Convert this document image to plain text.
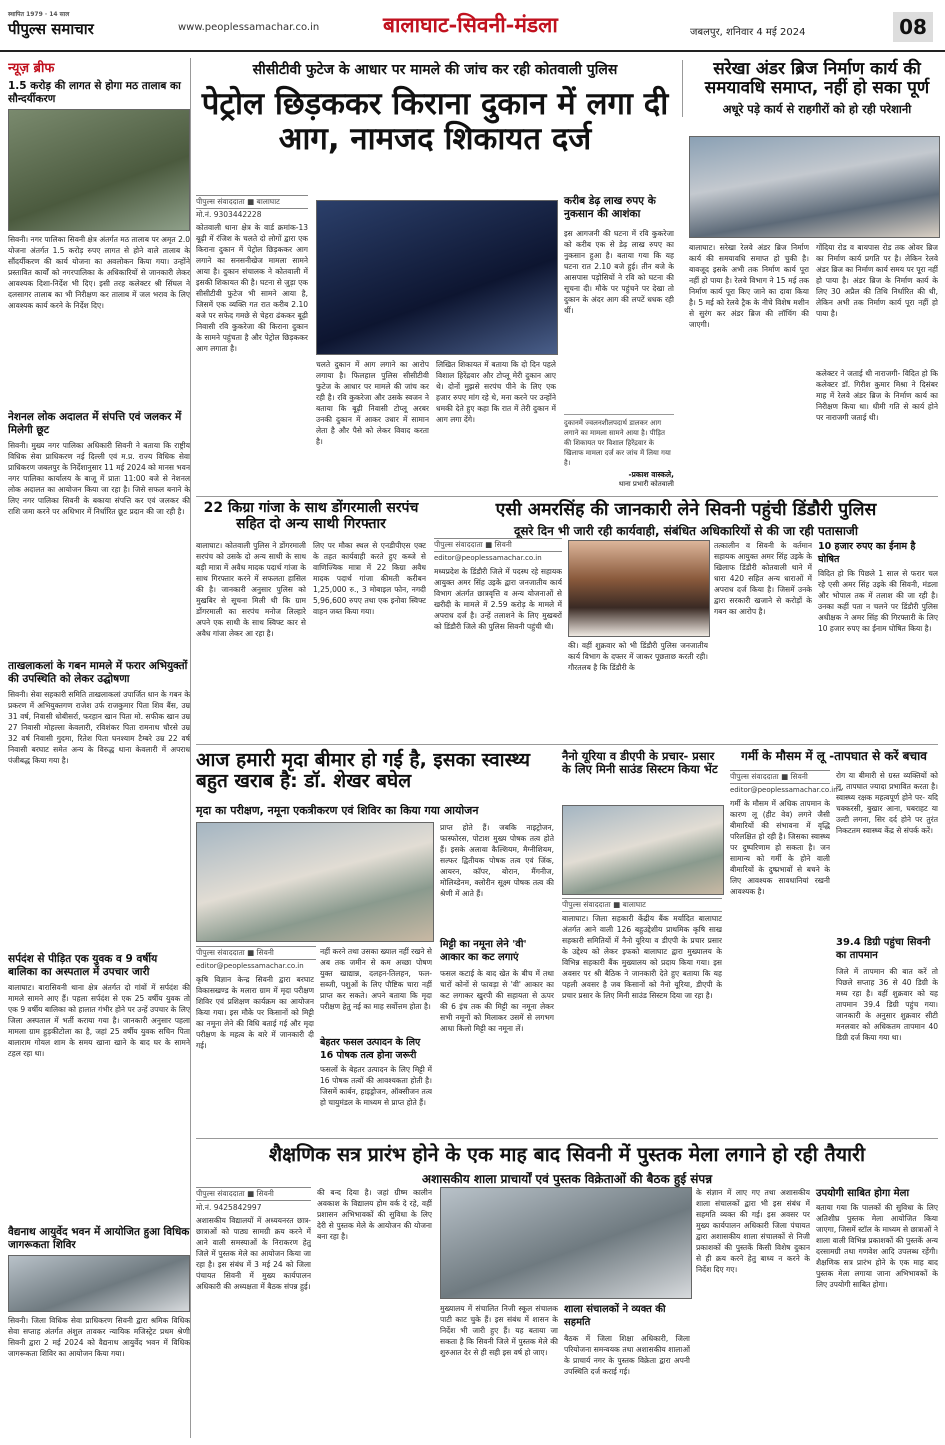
स्थापित 1979 · 14 साल
पीपुल्स समाचार	www.peoplessamachar.co.in	बालाघाट-सिवनी-मंडला	जबलपुर, शनिवार 4 मई 2024	08
न्यूज़ ब्रीफ
1.5 करोड़ की लागत से होगा मठ तालाब का सौन्दर्यीकरण
सिवनी। नगर पालिका सिवनी क्षेत्र अंतर्गत मठ तालाब पर अमृत 2.0 योजना अंतर्गत 1.5 करोड़ रुपए लागत से होने वाले तालाब के सौंदर्यीकरण की कार्य योजना का अवलोकन किया गया। उन्होंने प्रस्तावित कार्यों को नगरपालिका के अधिकारियों से जानकारी लेकर आवश्यक दिशा-निर्देश भी दिए। इसी तरह कलेक्टर श्री सिंघल ने दलसागर तालाब का भी निरीक्षण कर तालाब में जल भराव के लिए आवश्यक कार्य करने के निर्देश दिए।
नेशनल लोक अदालत में संपत्ति एवं जलकर में मिलेगी छूट
सिवनी। मुख्य नगर पालिका अधिकारी सिवनी ने बताया कि राष्ट्रीय विधिक सेवा प्राधिकरण नई दिल्ली एवं म.प्र. राज्य विधिक सेवा प्राधिकरण जबलपुर के निर्देशानुसार 11 मई 2024 को मानस भवन नगर पालिका कार्यालय के बाजू में प्रातः 11:00 बजे से नेशनल लोक अदालत का आयोजन किया जा रहा है। जिसे सफल बनाने के लिए नगर पालिका सिवनी के बकाया संपत्ति कर एवं जलकर की राशि जमा करने पर अधिभार में निर्धारित छूट प्रदान की जा रही है।
ताखलाकलां के गबन मामले में फरार अभियुक्तों की उपस्थिति को लेकर उद्घोषणा
सिवनी। सेवा सहकारी समिति ताखलाकलां उपार्जित धान के गबन के प्रकरण में अभियुक्तगण राजेश उर्फ राजकुमार पिता शिव बैंस, उम्र 31 वर्ष, निवासी धोबीसर्रा, फरहान खान पिता मो. सफीक खान उम्र 27 निवासी मोहल्ला केवलारी, रविशंकर पिता रामनाथ चौरसे उम्र 32 वर्ष निवासी गुदमा, रितेश पिता घनश्याम टैम्बरे उम्र 22 वर्ष निवासी बरघाट समेत अन्य के विरुद्ध थाना केवलारी में अपराध पंजीबद्ध किया गया है।
सर्पदंश से पीड़ित एक युवक व 9 वर्षीय बालिका का अस्पताल में उपचार जारी
बालाघाट। बारासिवनी थाना क्षेत्र अंतर्गत दो गांवों में सर्पदंश की मामले सामने आए हैं। पहला सर्पदंश से एक 25 वर्षीय युवक तो एक 9 वर्षीय बालिका को हालात गंभीर होने पर उन्हें उपचार के लिए जिला अस्पताल में भर्ती कराया गया है। जानकारी अनुसार पहला मामला ग्राम हुड़कीटोला का है, जहां 25 वर्षीय युवक सचिन पिता बालाराम गोयल शाम के समय खाना खाने के बाद घर के सामने टहल रहा था।
वैद्यनाथ आयुर्वेद भवन में आयोजित हुआ विधिक जागरूकता शिविर
सिवनी। जिला विधिक सेवा प्राधिकरण सिवनी द्वारा श्रमिक विधिक सेवा सप्ताह अंतर्गत अंशुल तावकर न्यायिक मजिस्ट्रेट प्रथम श्रेणी सिवनी द्वारा 2 मई 2024 को वैद्यनाथ आयुर्वेद भवन में विधिक जागरूकता शिविर का आयोजन किया गया।
सीसीटीवी फुटेज के आधार पर मामले की जांच कर रही कोतवाली पुलिस
पेट्रोल छिड़ककर किराना दुकान में लगा दी आग, नामजद शिकायत दर्ज
पीपुल्स संवाददाता ■ बालाघाट
मो.नं. 9303442228
कोतवाली थाना क्षेत्र के वार्ड क्रमांक-13 बूढ़ी में रंजिश के चलते दो लोगों द्वारा एक किराना दुकान में पेट्रोल छिड़ककर आग लगाने का सनसनीखेज मामला सामने आया है। दुकान संचालक ने कोतवाली में इसकी शिकायत की है। घटना से जुड़ा एक सीसीटीवी फुटेज भी सामने आया है, जिसमें एक व्यक्ति गत रात करीब 2.10 बजे पर सफेद गमछे से चेहरा ढंककर बूढ़ी निवासी रवि कुकरेजा की किराना दुकान के सामने पहुंचता है और पेट्रोल छिड़ककर आग लगाता है।
चलते दुकान में आग लगाने का आरोप लगाया है। फिलहाल पुलिस सीसीटीवी फुटेज के आधार पर मामले की जांच कर रही है। रवि कुकरेजा और उसके स्वजन ने बताया कि बूढ़ी निवासी टोप्लू अरबर उनकी दुकान में आकर उधार में सामान लेता है और पैसे को लेकर विवाद करता है।
लिखित शिकायत में बताया कि दो दिन पहले विशाल हिरेंद्रवार और टोप्लू मेरी दुकान आए थे। दोनों मुझसे सरपंच पीने के लिए एक हजार रुपए मांग रहे थे, मना करने पर उन्होंने धमकी देते हुए कहा कि रात में तेरी दुकान में आग लगा देंगे।
करीब डेढ़ लाख रुपए के नुकसान की आशंका
इस आगजनी की घटना में रवि कुकरेजा को करीब एक से डेढ़ लाख रुपए का नुकसान हुआ है। बताया गया कि यह घटना रात 2.10 बजे हुई। तीन बजे के आसपास पड़ोसियों ने रवि को घटना की सूचना दी। मौके पर पहुंचने पर देखा तो दुकान के अंदर आग की लपटें धधक रही थीं।
दुकानमें ज्वलनशीलपदार्थ डालकर आग लगाने का मामला सामने आया है। पीड़ित की शिकायत पर विशाल हिरेंद्रवार के खिलाफ मामला दर्ज कर जांच में लिया गया है।
-प्रकाश वास्कले,
थाना प्रभारी कोतवाली
सरेखा अंडर ब्रिज निर्माण कार्य की समयावधि समाप्त, नहीं हो सका पूर्ण
अधूरे पड़े कार्य से राहगीरों को हो रही परेशानी
बालाघाट। सरेखा रेलवे अंडर ब्रिज निर्माण कार्य की समयावधि समाप्त हो चुकी है। बावजूद इसके अभी तक निर्माण कार्य पूरा नहीं हो पाया है। रेलवे विभाग ने 15 मई तक निर्माण कार्य पूरा किए जाने का दावा किया है। 5 मई को रेलवे ट्रैक के नीचे विशेष मशीन से सुरंग कर अंडर ब्रिज की लॉचिंग की जाएगी।
गोंदिया रोड व बायपास रोड तक ओवर ब्रिज का निर्माण कार्य प्रगति पर है। लेकिन रेलवे अंडर ब्रिज का निर्माण कार्य समय पर पूरा नहीं हो पाया है। अंडर ब्रिज के निर्माण कार्य के लिए 30 अप्रैल की तिथि निर्धारित की थी, लेकिन अभी तक निर्माण कार्य पूरा नहीं हो पाया है।
कलेक्टर ने जताई थी नाराजगी- विदित हो कि कलेक्टर डॉ. गिरीश कुमार मिश्रा ने दिसंबर माह में रेलवे अंडर ब्रिज के निर्माण कार्य का निरीक्षण किया था। धीमी गति से कार्य होने पर नाराजगी जताई थी।
22 किग्रा गांजा के साथ डोंगरमाली सरपंच सहित दो अन्य साथी गिरफ्तार
बालाघाट। कोतवाली पुलिस ने डोंगरमाली सरपंच को उसके दो अन्य साथी के साथ बड़ी मात्रा में अवैध मादक पदार्थ गांजा के साथ गिरफ्तार करने में सफलता हासिल की है। जानकारी अनुसार पुलिस को मुखबिर से सूचना मिली थी कि ग्राम डोंगरमाली का सरपंच मनोज लिल्हारे अपने एक साथी के साथ स्विफ्ट कार से अवैध गांजा लेकर आ रहा है।
लिए पर मौका स्थल से एनडीपीएस एक्ट के तहत कार्यवाही करते हुए कब्जे से वाणिज्यिक मात्रा में 22 किग्रा अवैध मादक पदार्थ गांजा कीमती करीबन 1,25,000 रु., 3 मोबाइल फोन, नगदी 5,96,600 रुपए तथा एक इनोवा स्विफ्ट वाहन जब्त किया गया।
एसी अमरसिंह की जानकारी लेने सिवनी पहुंची डिंडौरी पुलिस
दूसरे दिन भी जारी रही कार्यवाही, संबंधित अधिकारियों से की जा रही पतासाजी
पीपुल्स संवाददाता ■ सिवनी
editor@peoplessamachar.co.in
मध्यप्रदेश के डिंडौरी जिले में पदस्थ रहे सहायक आयुक्त अमर सिंह उइके द्वारा जनजातीय कार्य विभाग अंतर्गत छात्रवृत्ति व अन्य योजनाओं से खरीदी के मामले में 2.59 करोड़ के मामले में अपराध दर्ज है। उन्हें तलाशने के लिए मुखबरों को डिंडौरी जिले की पुलिस सिवनी पहुंची थी।
की। वहीं शुक्रवार को भी डिंडौरी पुलिस जनजातीय कार्य विभाग के दफ्तर में जाकर पूछताछ करती रही। गौरतलब है कि डिंडौरी के
तत्कालीन व सिवनी के वर्तमान सहायक आयुक्त अमर सिंह उइके के खिलाफ डिंडौरी कोतवाली थाने में धारा 420 सहित अन्य धाराओं में अपराध दर्ज किया है। जिसमें उनके द्वारा सरकारी खजाने से करोड़ों के गबन का आरोप है।
10 हजार रुपए का ईनाम है घोषित
विदित हो कि पिछले 1 साल से फरार चल रहे एसी अमर सिंह उइके की सिवनी, मंडला और भोपाल तक में तलाश की जा रही है। उनका कहीं पता न चलने पर डिंडौरी पुलिस अधीक्षक ने अमर सिंह की गिरफ्तारी के लिए 10 हजार रुपए का ईनाम घोषित किया है।
आज हमारी मृदा बीमार हो गई है, इसका स्वास्थ्य बहुत खराब है: डॉ. शेखर बघेल
मृदा का परीक्षण, नमूना एकत्रीकरण एवं शिविर का किया गया आयोजन
पीपुल्स संवाददाता ■ सिवनी
editor@peoplessamachar.co.in
कृषि विज्ञान केन्द्र सिवनी द्वारा बरघाट विकासखण्ड के मलारा ग्राम में मृदा परीक्षण शिविर एवं प्रशिक्षण कार्यक्रम का आयोजन किया गया। इस मौके पर किसानों को मिट्टी का नमूना लेने की विधि बताई गई और मृदा परीक्षण के महत्व के बारे में जानकारी दी गई।
नहीं करने तथा उसका ख्याल नहीं रखने से अब तक जमीन से कम अच्छा पोषण युक्त खाद्यान्न, दलहन-तिलहन, फल-सब्जी, पशुओं के लिए पौष्टिक चारा नहीं प्राप्त कर सकते। अपने बताया कि मृदा परीक्षण हेतु नई का माह सर्वोत्तम होता है।
बेहतर फसल उत्पादन के लिए 16 पोषक तत्व होना जरूरी
फसलों के बेहतर उत्पादन के लिए मिट्टी में 16 पोषक तत्वों की आवश्यकता होती है। जिसमें कार्बन, हाइड्रोजन, ऑक्सीजन तत्व हो चायुमंडल के माध्यम से प्राप्त होते हैं।
प्राप्त होते हैं। जबकि नाइट्रोजन, फास्फोरस, पोटाश मुख्य पोषक तत्व होते हैं। इसके अलावा कैल्शियम, मैग्नीशियम, सल्फर द्वितीयक पोषक तत्व एवं जिंक, आयरन, कॉपर, बोरान, मैंगनीज, मोलिब्डेनम, क्लोरीन सूक्ष्म पोषक तत्व की श्रेणी में आते हैं।
मिट्टी का नमूना लेने 'वी' आकार का कट लगाएं
फसल कटाई के बाद खेत के बीच में तथा चारों कोनों से फावड़ा से 'वी' आकार का कट लगाकर खुरपी की सहायता से ऊपर की 6 इंच तक की मिट्टी का नमूना लेकर सभी नमूनों को मिलाकर उसमें से लगभग आधा किलो मिट्टी का नमूना लें।
नैनो यूरिया व डीएपी के प्रचार- प्रसार के लिए मिनी साउंड सिस्टम किया भेंट
पीपुल्स संवाददाता ■ बालाघाट
बालाघाट। जिला सहकारी केंद्रीय बैंक मर्यादित बालाघाट अंतर्गत आने वाली 126 बहुउद्देशीय प्राथमिक कृषि साख सहकारी समितियों में नैनो यूरिया व डीएपी के प्रचार प्रसार के उद्देश्य को लेकर इफको बालाघाट द्वारा मुख्यालय के विभिन्न सहकारी बैंक मुख्यालय को प्रदाय किया गया। इस अवसर पर श्री बैठिक ने जानकारी देते हुए बताया कि यह पहली अवसर है जब किसानों को नैनो यूरिया, डीएपी के प्रचार प्रसार के लिए मिनी साउंड सिस्टम दिया जा रहा है।
गर्मी के मौसम में लू -तापघात से करें बचाव
पीपुल्स संवाददाता ■ सिवनी
editor@peoplessamachar.co.in
गर्मी के मौसम में अधिक तापमान के कारण लू (हीट वेव) लगने जैसी बीमारियों की संभावना में वृद्धि परिलक्षित हो रही है। जिसका स्वास्थ्य पर दुष्परिणाम हो सकता है। जन सामान्य को गर्मी के होने वाली बीमारियों के दुष्प्रभावों से बचने के लिए आवश्यक सावधानियां रखनी आवश्यक है।
रोग या बीमारी से ग्रस्त व्यक्तियों को लू, तापघात ज्यादा प्रभावित करता है। स्वास्थ्य रक्षक महत्वपूर्ण होने पर- यदि चक्करसी, बुखार आना, घबराहट या उल्टी लगना, सिर दर्द होने पर तुरंत निकटतम स्वास्थ्य केंद्र से संपर्क करें।
39.4 डिग्री पहुंचा सिवनी का तापमान
जिले में तापमान की बात करें तो पिछले सप्ताह 36 से 40 डिग्री के मध्य रहा है। वहीं शुक्रवार को यह तापमान 39.4 डिग्री पहुंच गया। जानकारी के अनुसार शुक्रवार सीटी मनलवार को अधिकतम तापमान 40 डिग्री दर्ज किया गया था।
शैक्षणिक सत्र प्रारंभ होने के एक माह बाद सिवनी में पुस्तक मेला लगाने हो रही तैयारी
अशासकीय शाला प्राचार्यों एवं पुस्तक विक्रेताओं की बैठक हुई संपन्न
पीपुल्स संवाददाता ■ सिवनी
मो.नं. 9425842997
अशासकीय विद्यालयों में अध्ययनरत छात्र-छात्राओं को पाठ्य सामग्री क्रय करने में आने वाली समस्याओं के निराकरण हेतु जिले में पुस्तक मेले का आयोजन किया जा रहा है। इस संबंध में 3 मई 24 को जिला पंचायत सिवनी में मुख्य कार्यपालन अधिकारी की अध्यक्षता में बैठक संपन्न हुई।
की बन्द दिया है। जहां ग्रीष्म कालीन अवकाश के विद्यालय होम वर्क दे रहे, वहीं प्रशासन अभिभावकों की सुविधा के लिए देरी से पुस्तक मेले के आयोजन की योजना बना रहा है।
मुख्यालय में संचालित निजी स्कूल संचालक पाटी काट चुके हैं। इस संबंध में शासन के निर्देश भी जारी हुए हैं। यह बताया जा सकता है कि सिवनी जिले में पुस्तक मेले की शुरुआत देर से ही सही इस वर्ष हो जाए।
शाला संचालकों ने व्यक्त की सहमति
बैठक में जिला शिक्षा अधिकारी, जिला परियोजना समन्वयक तथा अशासकीय शालाओं के प्राचार्य नगर के पुस्तक विक्रेता द्वारा अपनी उपस्थिति दर्ज कराई गई।
के संज्ञान में लाए गए तथा अशासकीय शाला संचालकों द्वारा भी इस संबंध में सहमति व्यक्त की गई। इस अवसर पर मुख्य कार्यपालन अधिकारी जिला पंचायत द्वारा अशासकीय शाला संचालकों से निजी प्रकाशकों की पुस्तकें किसी विशेष दुकान से ही क्रय करने हेतु बाध्य न करने के निर्देश दिए गए।
उपयोगी साबित होगा मेला
बताया गया कि पालकों की सुविधा के लिए अतिशीघ्र पुस्तक मेला आयोजित किया जाएगा, जिसमें स्टॉल के माध्यम से छात्राओं ने शाला वाली विभिन्न प्रकाशकों की पुस्तकें अन्य दरसामग्री तथा गणवेश आदि उपलब्ध रहेंगी। शैक्षणिक सत्र प्रारंभ होने के एक माह बाद पुस्तक मेला लगाया जाना अभिभावकों के लिए उपयोगी साबित होगा।
